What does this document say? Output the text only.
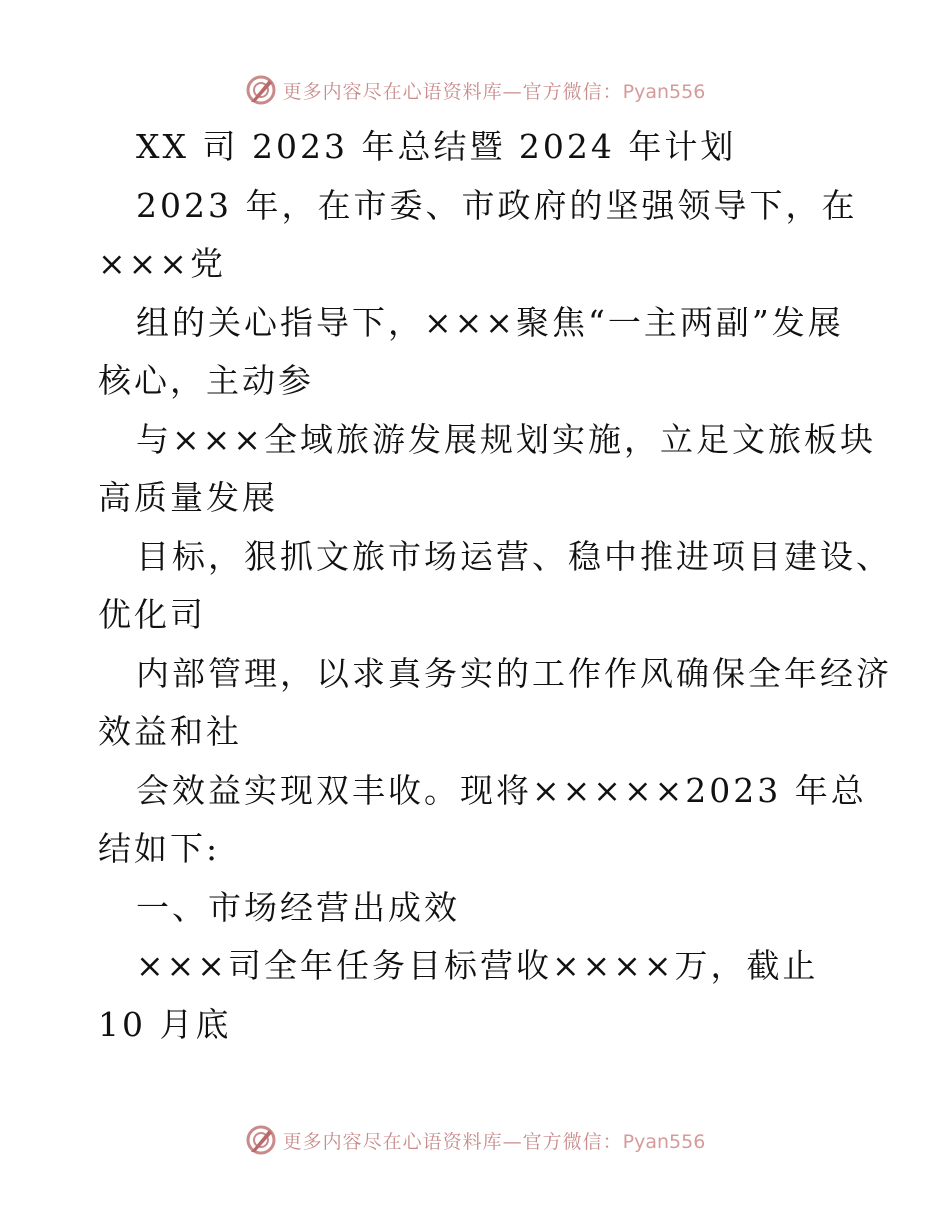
更多内容尽在心语资料库—官方微信：Pyan556
XX 司 2023 年总结暨 2024 年计划
2023 年，在市委、市政府的坚强领导下，在
×××党
组的关心指导下，×××聚焦“一主两副”发展
核心，主动参
与×××全域旅游发展规划实施，立足文旅板块
高质量发展
目标，狠抓文旅市场运营、稳中推进项目建设、
优化司
内部管理，以求真务实的工作作风确保全年经济
效益和社
会效益实现双丰收。现将×××××2023 年总
结如下:
一、市场经营出成效
×××司全年任务目标营收××××万，截止
10 月底
更多内容尽在心语资料库—官方微信：Pyan556
